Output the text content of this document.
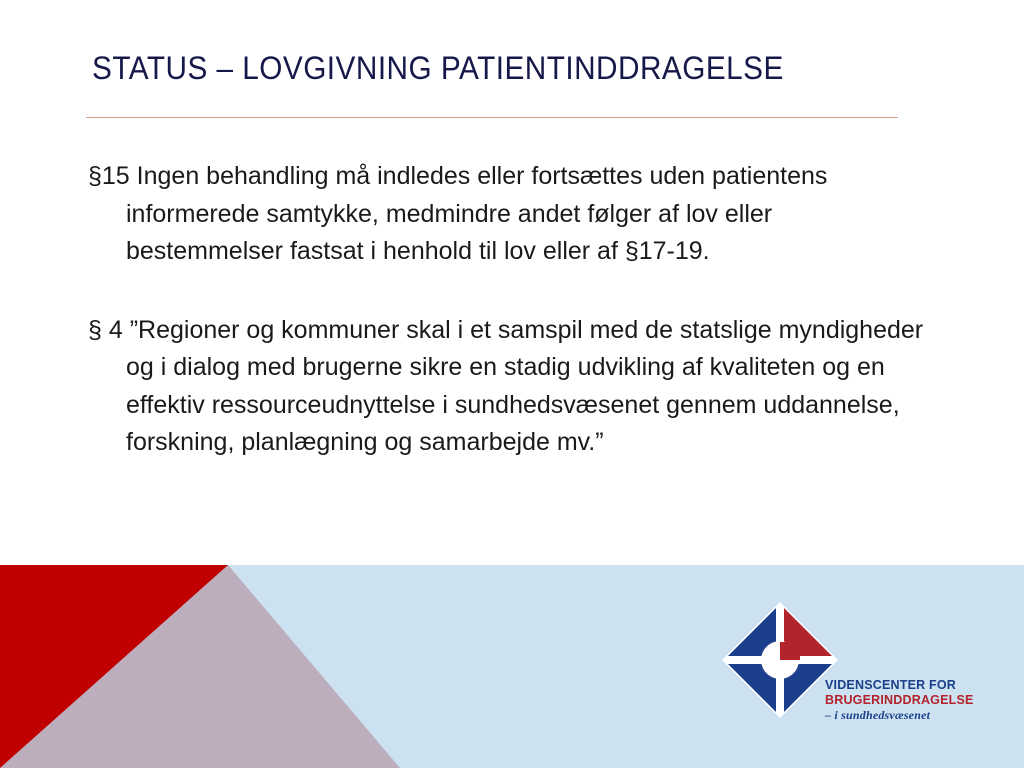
STATUS – LOVGIVNING PATIENTINDDRAGELSE

§15 Ingen behandling må indledes eller fortsættes uden patientens informerede samtykke, medmindre andet følger af lov eller bestemmelser fastsat i henhold til lov eller af §17-19.

§ 4 ”Regioner og kommuner skal i et samspil med de statslige myndigheder og i dialog med brugerne sikre en stadig udvikling af kvaliteten og en effektiv ressourceudnyttelse i sundhedsvæsenet gennem uddannelse, forskning, planlægning og samarbejde mv.”

VIDENSCENTER FOR
BRUGERINDDRAGELSE
– i sundhedsvæsenet
